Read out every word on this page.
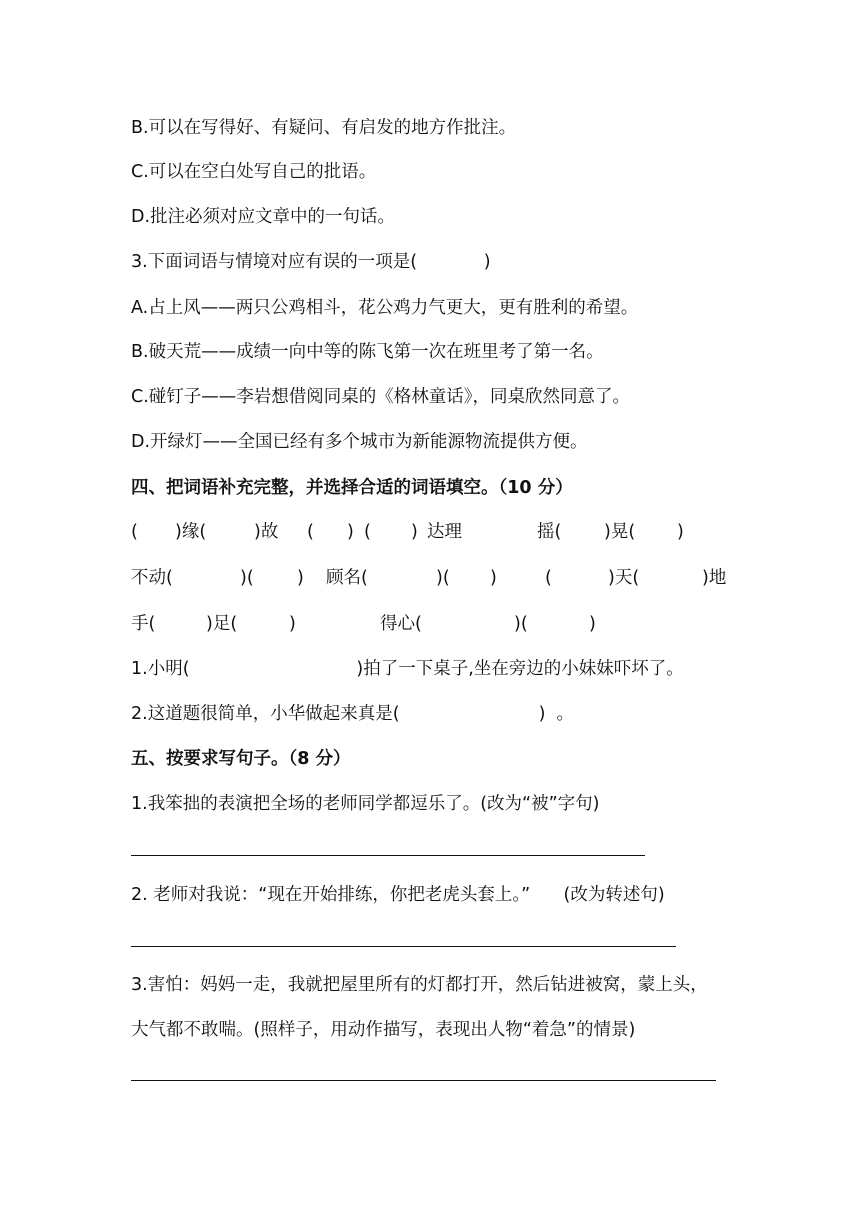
B.可以在写得好、有疑问、有启发的地方作批注。
C.可以在空白处写自己的批语。
D.批注必须对应文章中的一句话。
3.下面词语与情境对应有误的一项是(            )
A.占上风——两只公鸡相斗，花公鸡力气更大，更有胜利的希望。
B.破天荒——成绩一向中等的陈飞第一次在班里考了第一名。
C.碰钉子——李岩想借阅同桌的《格林童话》，同桌欣然同意了。
D.开绿灯——全国已经有多个城市为新能源物流提供方便。
四、把词语补充完整，并选择合适的词语填空。（10 分）
( )缘(	)故 ( ) ( ) 达理	摇( )晃( )
不动(	)( ) 顾名(	)( )	(	)天(	)地
手(	)足(	)	得心(	)(	)
1.小明(                              )拍了一下桌子,坐在旁边的小妹妹吓坏了。
2.这道题很简单，小华做起来真是(                         )  。
五、按要求写句子。（8 分）
1.我笨拙的表演把全场的老师同学都逗乐了。(改为“被”字句)
2. 老师对我说：“现在开始排练，你把老虎头套上。”      (改为转述句)
3.害怕：妈妈一走，我就把屋里所有的灯都打开，然后钻进被窝，蒙上头，
大气都不敢喘。(照样子，用动作描写，表现出人物“着急”的情景)
